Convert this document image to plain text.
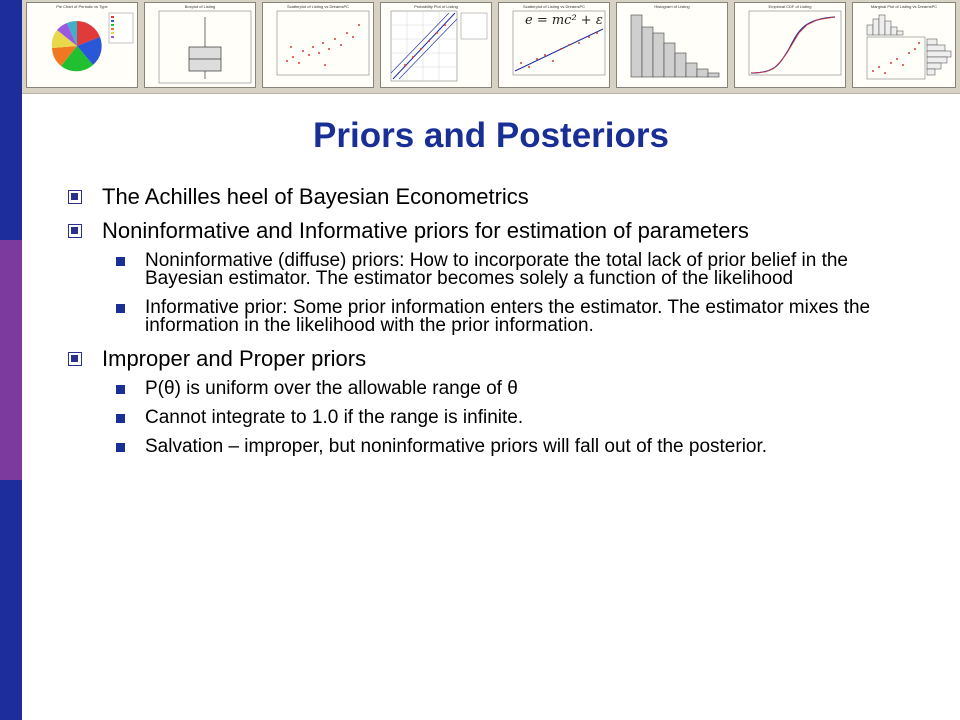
Pie Chart of Periodic vs Type	Boxplot of Listing	Scatterplot of Listing vs DreamsPC	Probability Plot of Listing	Scatterplot of Listing vs DreamsPC
e = mc² + ε
Histogram of Listing	Empirical CDF of Listing	Marginal Plot of Listing vs DreamsPC
Priors and Posteriors
The Achilles heel of Bayesian Econometrics
Noninformative and Informative priors for estimation of parameters
Noninformative (diffuse) priors: How to incorporate the total lack of prior belief in the Bayesian estimator. The estimator becomes solely a function of the likelihood
Informative prior: Some prior information enters the estimator. The estimator mixes the information in the likelihood with the prior information.
Improper and Proper priors
P(θ) is uniform over the allowable range of θ
Cannot integrate to 1.0 if the range is infinite.
Salvation – improper, but noninformative priors will fall out of the posterior.
